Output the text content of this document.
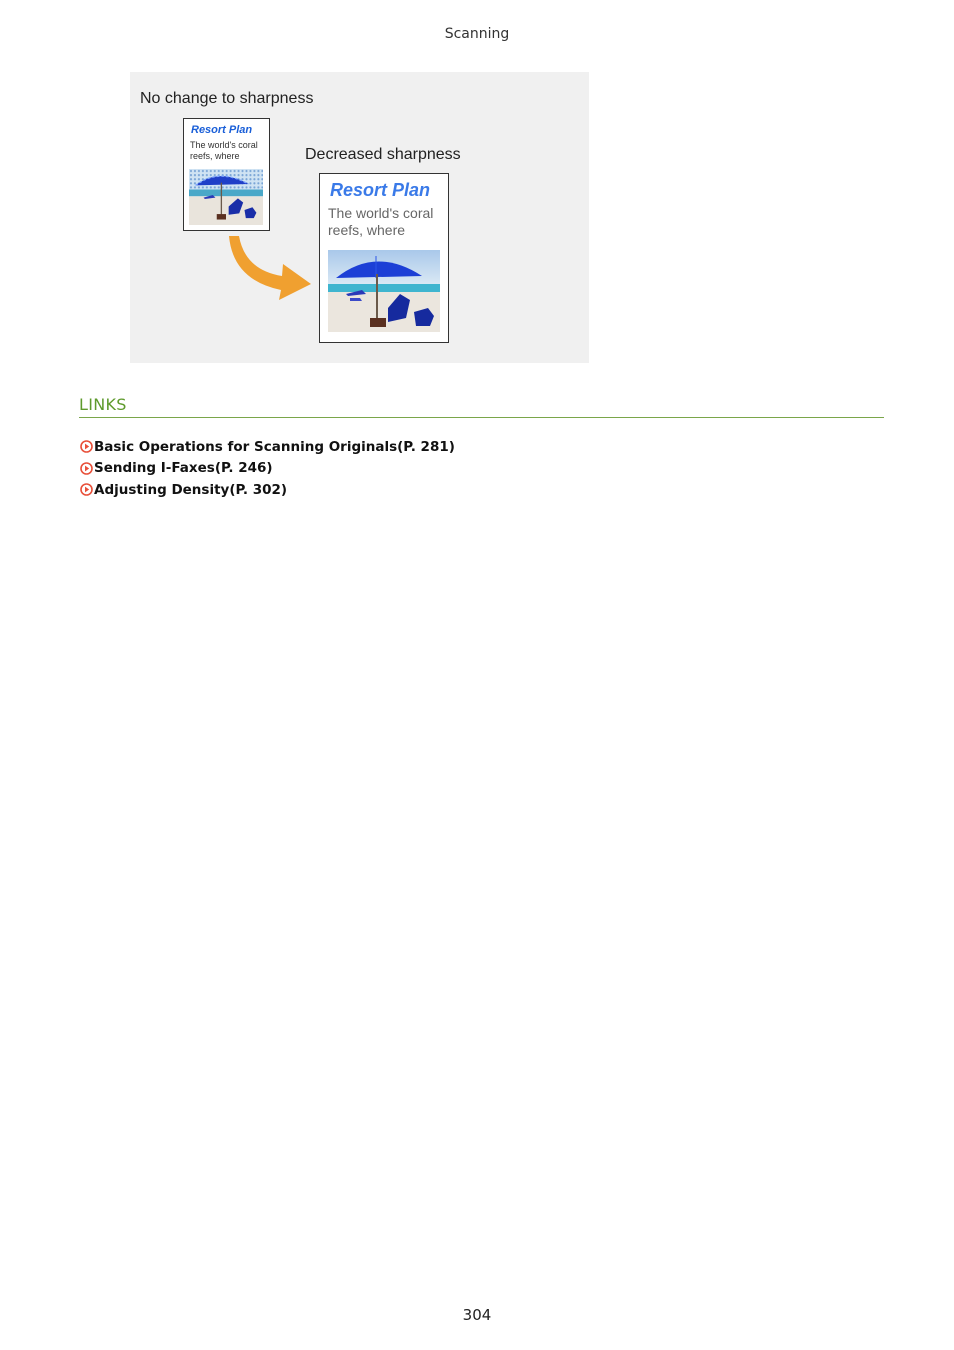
Scanning
No change to sharpness
Resort Plan
The world's coral reefs, where	Decreased sharpness
Resort Plan
The world's coral reefs, where
LINKS
Basic Operations for Scanning Originals(P. 281)
Sending I-Faxes(P. 246)
Adjusting Density(P. 302)
304
